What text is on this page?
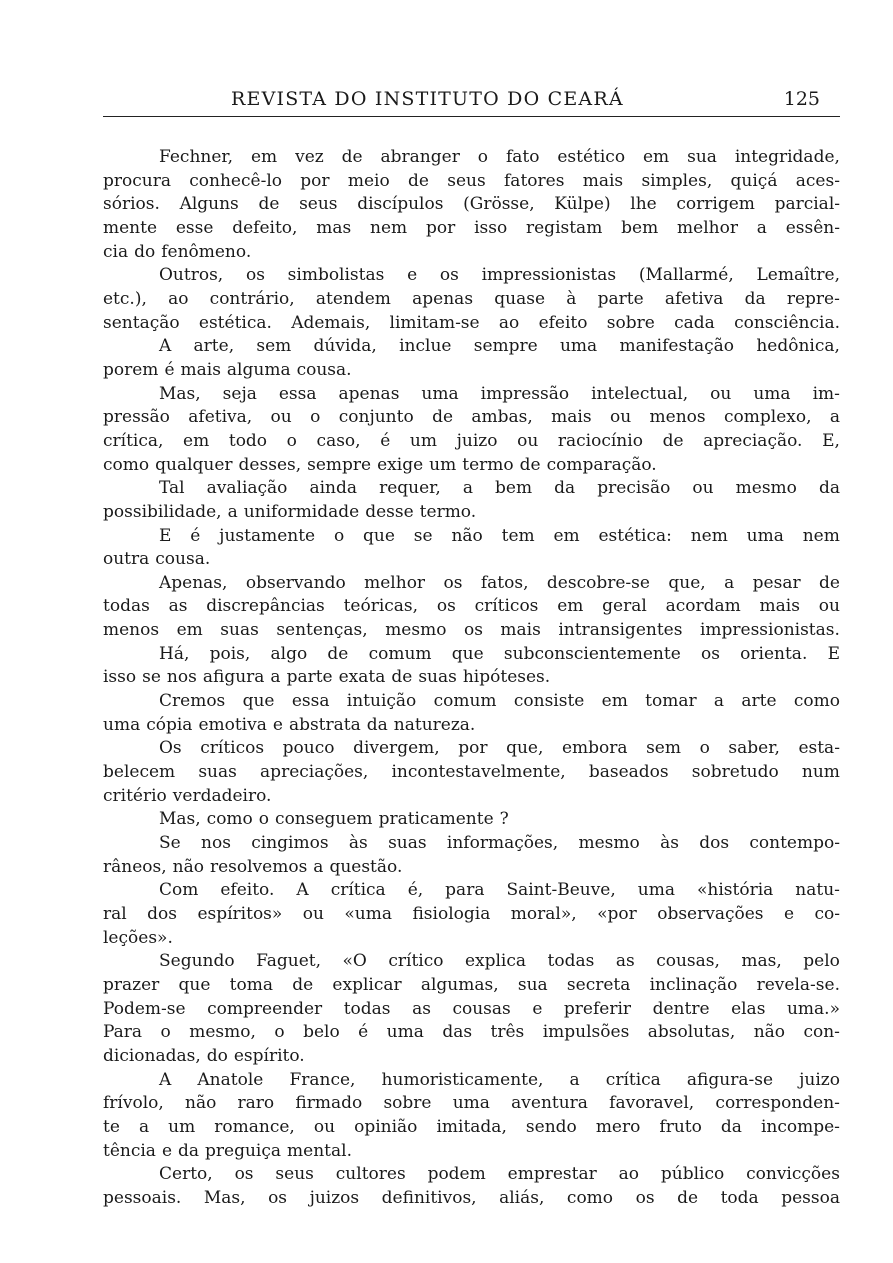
REVISTA DO INSTITUTO DO CEARÁ	125
Fechner, em vez de abranger o fato estético em sua integridade,
procura conhecê-lo por meio de seus fatores mais simples, quiçá aces-
sórios. Alguns de seus discípulos (Grösse, Külpe) lhe corrigem parcial-
mente esse defeito, mas nem por isso registam bem melhor a essên-
cia do fenômeno.
Outros, os simbolistas e os impressionistas (Mallarmé, Lemaître,
etc.), ao contrário, atendem apenas quase à parte afetiva da repre-
sentação estética. Ademais, limitam-se ao efeito sobre cada consciência.
A arte, sem dúvida, inclue sempre uma manifestação hedônica,
porem é mais alguma cousa.
Mas, seja essa apenas uma impressão intelectual, ou uma im-
pressão afetiva, ou o conjunto de ambas, mais ou menos complexo, a
crítica, em todo o caso, é um juizo ou raciocínio de apreciação. E,
como qualquer desses, sempre exige um termo de comparação.
Tal avaliação ainda requer, a bem da precisão ou mesmo da
possibilidade, a uniformidade desse termo.
E é justamente o que se não tem em estética: nem uma nem
outra cousa.
Apenas, observando melhor os fatos, descobre-se que, a pesar de
todas as discrepâncias teóricas, os críticos em geral acordam mais ou
menos em suas sentenças, mesmo os mais intransigentes impressionistas.
Há, pois, algo de comum que subconscientemente os orienta. E
isso se nos afigura a parte exata de suas hipóteses.
Cremos que essa intuição comum consiste em tomar a arte como
uma cópia emotiva e abstrata da natureza.
Os críticos pouco divergem, por que, embora sem o saber, esta-
belecem suas apreciações, incontestavelmente, baseados sobretudo num
critério verdadeiro.
Mas, como o conseguem praticamente ?
Se nos cingimos às suas informações, mesmo às dos contempo-
râneos, não resolvemos a questão.
Com efeito. A crítica é, para Saint-Beuve, uma «história natu-
ral dos espíritos» ou «uma fisiologia moral», «por observações e co-
leções».
Segundo Faguet, «O crítico explica todas as cousas, mas, pelo
prazer que toma de explicar algumas, sua secreta inclinação revela-se.
Podem-se compreender todas as cousas e preferir dentre elas uma.»
Para o mesmo, o belo é uma das três impulsões absolutas, não con-
dicionadas, do espírito.
A Anatole France, humoristicamente, a crítica afigura-se juizo
frívolo, não raro firmado sobre uma aventura favoravel, corresponden-
te a um romance, ou opinião imitada, sendo mero fruto da incompe-
tência e da preguiça mental.
Certo, os seus cultores podem emprestar ao público convicções
pessoais. Mas, os juizos definitivos, aliás, como os de toda pessoa
